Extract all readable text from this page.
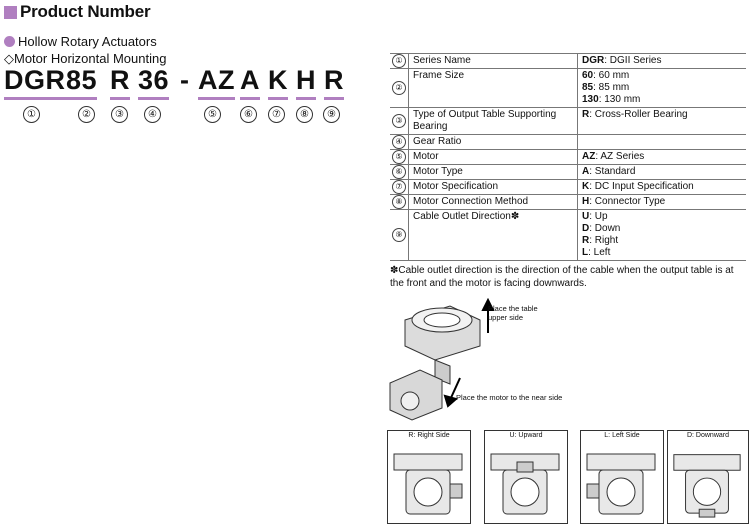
Product Number
Hollow Rotary Actuators
◇Motor Horizontal Mounting
DGR 85 R 36 - AZ A K H R
①	②	③	④	⑤	⑥	⑦	⑧	⑨
①	Series Name	DGR: DGII Series

②	Frame Size	60: 60 mm
85: 85 mm
130: 130 mm

③	Type of Output Table Supporting Bearing	R: Cross-Roller Bearing

④	Gear Ratio	

⑤	Motor	AZ: AZ Series

⑥	Motor Type	A: Standard

⑦	Motor Specification	K: DC Input Specification

⑧	Motor Connection Method	H: Connector Type

⑨	Cable Outlet Direction✽	U: Up
D: Down
R: Right
L: Left
✽Cable outlet direction is the direction of the cable when the output table is at the front and the motor is facing downwards.
Place the table upper side
Place the motor to the near side
R: Right Side	U: Upward	L: Left Side	D: Downward
